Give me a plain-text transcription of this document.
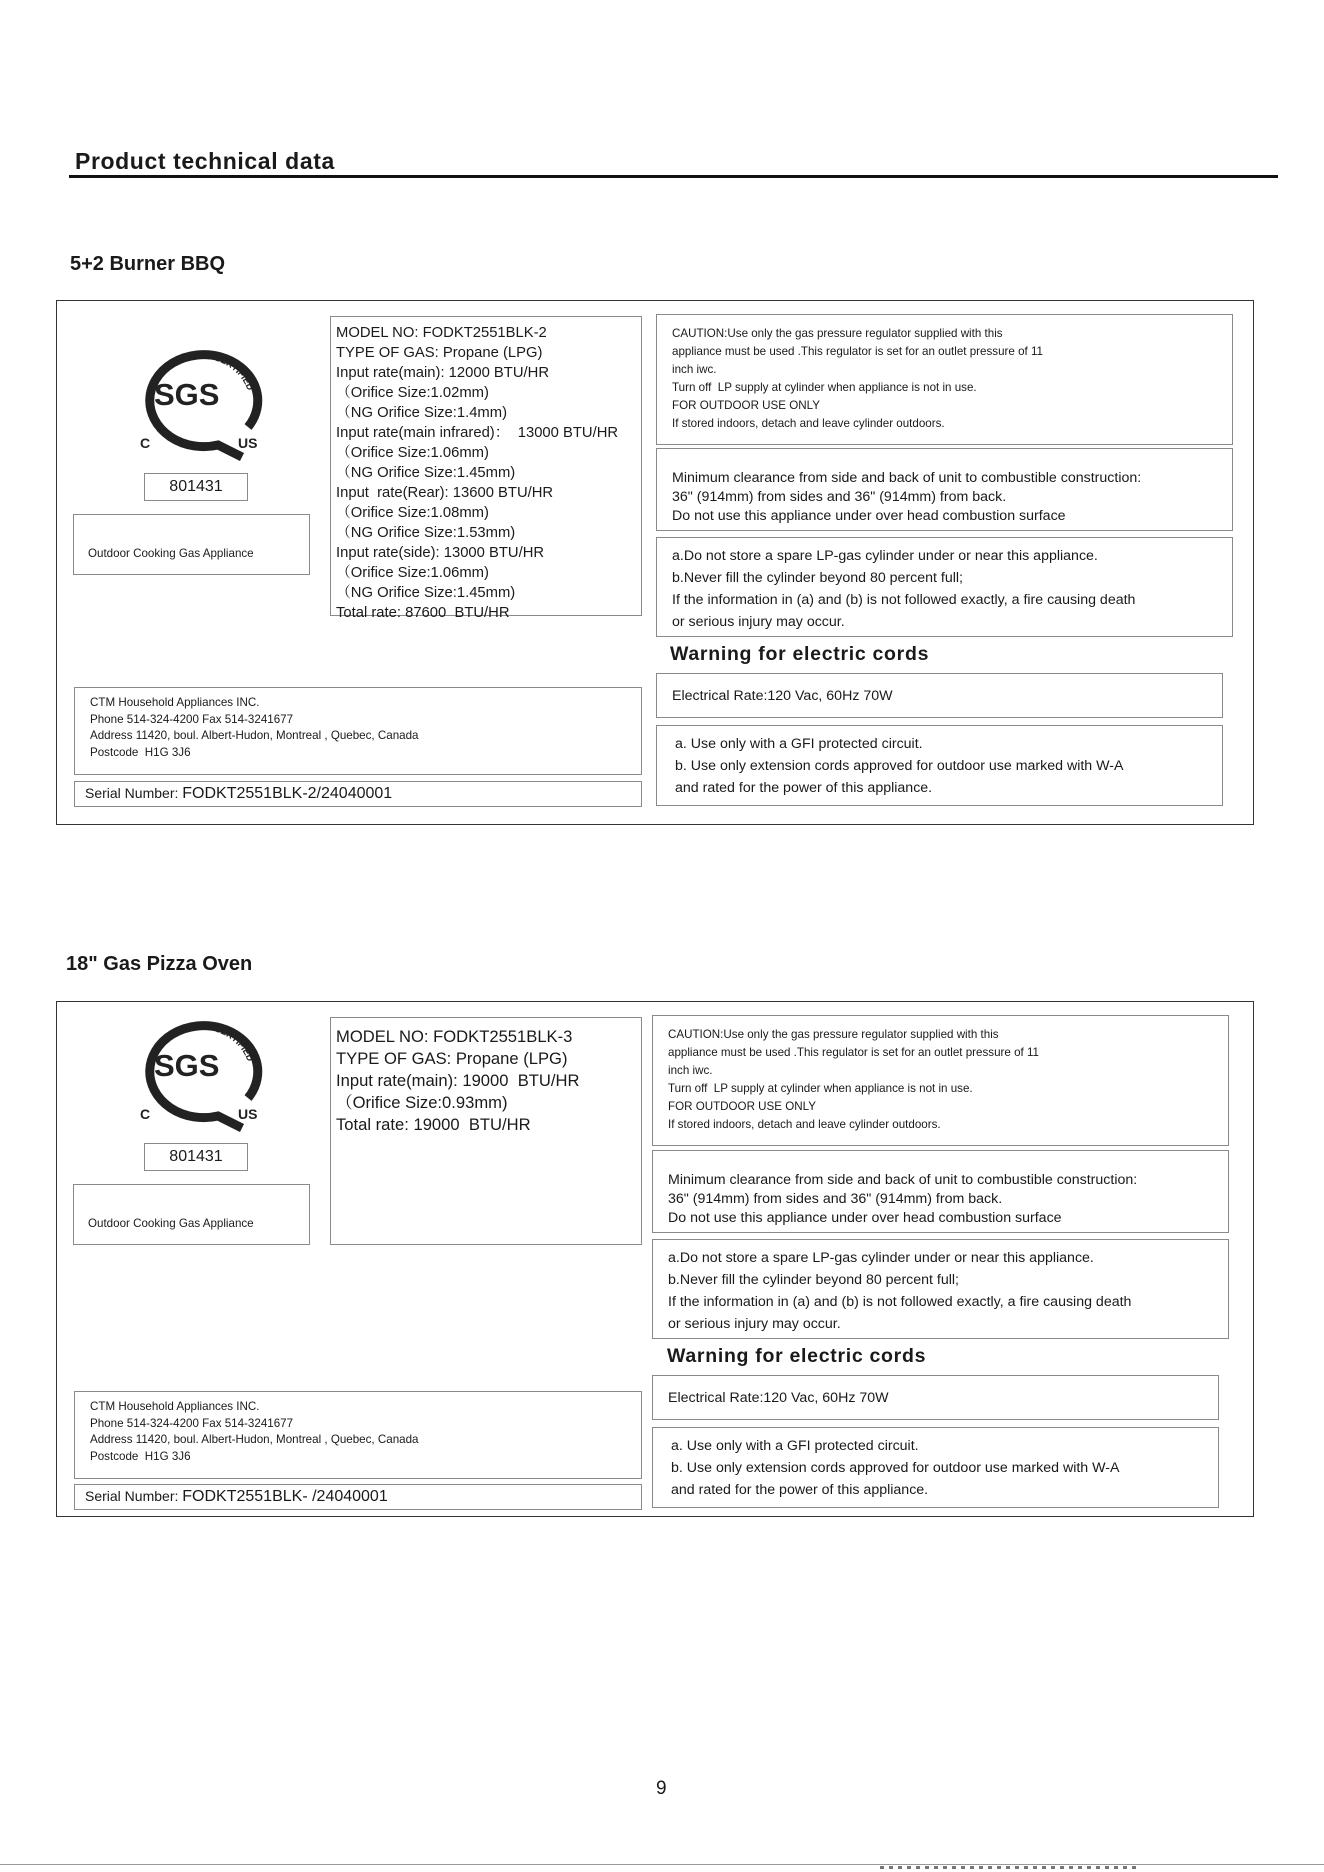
Product technical data
5+2 Burner BBQ
SGS
C	US
GAS CERTIFIED
801431
Outdoor Cooking Gas Appliance
MODEL NO: FODKT2551BLK-2
TYPE OF GAS: Propane (LPG)
Input rate(main): 12000 BTU/HR
（Orifice Size:1.02mm)
（NG Orifice Size:1.4mm)
Input rate(main infrared)：  13000 BTU/HR
（Orifice Size:1.06mm)
（NG Orifice Size:1.45mm)
Input  rate(Rear): 13600 BTU/HR
（Orifice Size:1.08mm)
（NG Orifice Size:1.53mm)
Input rate(side): 13000 BTU/HR
（Orifice Size:1.06mm)
（NG Orifice Size:1.45mm)
Total rate: 87600  BTU/HR
CAUTION:Use only the gas pressure regulator supplied with this
appliance must be used .This regulator is set for an outlet pressure of 11
inch iwc.
Turn off  LP supply at cylinder when appliance is not in use.
FOR OUTDOOR USE ONLY
If stored indoors, detach and leave cylinder outdoors.
Minimum clearance from side and back of unit to combustible construction:
36" (914mm) from sides and 36" (914mm) from back.
Do not use this appliance under over head combustion surface
a.Do not store a spare LP-gas cylinder under or near this appliance.
b.Never fill the cylinder beyond 80 percent full;
If the information in (a) and (b) is not followed exactly, a fire causing death
or serious injury may occur.
Warning for electric cords
Electrical Rate:120 Vac, 60Hz 70W
a. Use only with a GFI protected circuit.
b. Use only extension cords approved for outdoor use marked with W-A
and rated for the power of this appliance.
CTM Household Appliances INC.
Phone 514-324-4200 Fax 514-3241677
Address 11420, boul. Albert-Hudon, Montreal , Quebec, Canada
Postcode  H1G 3J6
Serial Number: FODKT2551BLK-2/24040001
18" Gas Pizza Oven
SGS
C	US
GAS CERTIFIED
801431
Outdoor Cooking Gas Appliance
MODEL NO: FODKT2551BLK-3
TYPE OF GAS: Propane (LPG)
Input rate(main): 19000  BTU/HR
（Orifice Size:0.93mm)
Total rate: 19000  BTU/HR
CAUTION:Use only the gas pressure regulator supplied with this
appliance must be used .This regulator is set for an outlet pressure of 11
inch iwc.
Turn off  LP supply at cylinder when appliance is not in use.
FOR OUTDOOR USE ONLY
If stored indoors, detach and leave cylinder outdoors.
Minimum clearance from side and back of unit to combustible construction:
36" (914mm) from sides and 36" (914mm) from back.
Do not use this appliance under over head combustion surface
a.Do not store a spare LP-gas cylinder under or near this appliance.
b.Never fill the cylinder beyond 80 percent full;
If the information in (a) and (b) is not followed exactly, a fire causing death
or serious injury may occur.
Warning for electric cords
Electrical Rate:120 Vac, 60Hz 70W
a. Use only with a GFI protected circuit.
b. Use only extension cords approved for outdoor use marked with W-A
and rated for the power of this appliance.
CTM Household Appliances INC.
Phone 514-324-4200 Fax 514-3241677
Address 11420, boul. Albert-Hudon, Montreal , Quebec, Canada
Postcode  H1G 3J6
Serial Number: FODKT2551BLK- /24040001
9
